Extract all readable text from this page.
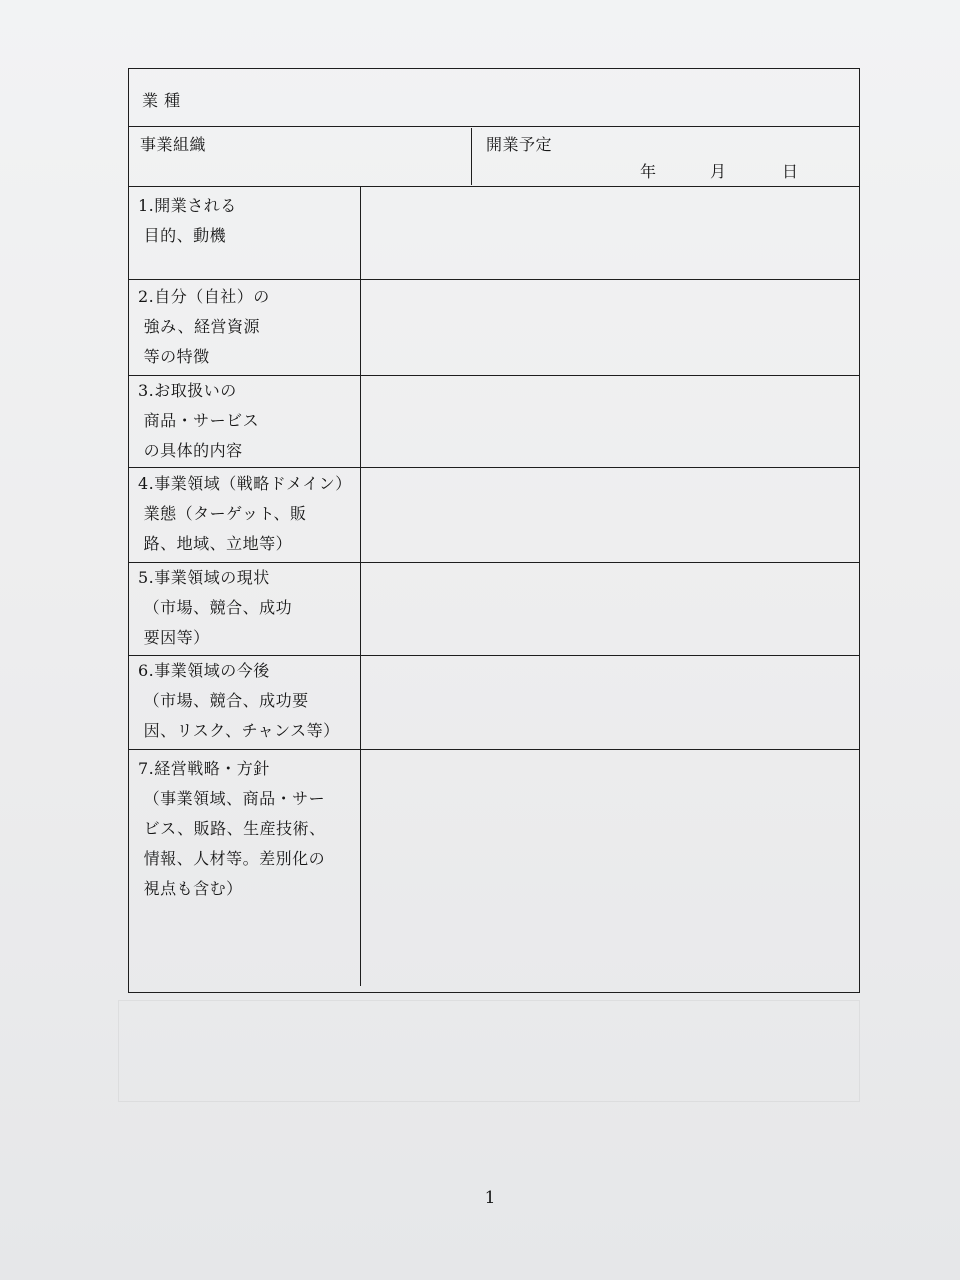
業 種
事業組織	開業予定
年	月	日
1.開業される
目的、動機
2.自分（自社）の
強み、経営資源
等の特徴
3.お取扱いの
商品・サービス
の具体的内容
4.事業領域（戦略ドメイン）
業態（ターゲット、販
路、地域、立地等）
5.事業領域の現状
（市場、競合、成功
要因等）
6.事業領域の今後
（市場、競合、成功要
因、リスク、チャンス等）
7.経営戦略・方針
（事業領域、商品・サー
ビス、販路、生産技術、
情報、人材等。差別化の
視点も含む）
1
